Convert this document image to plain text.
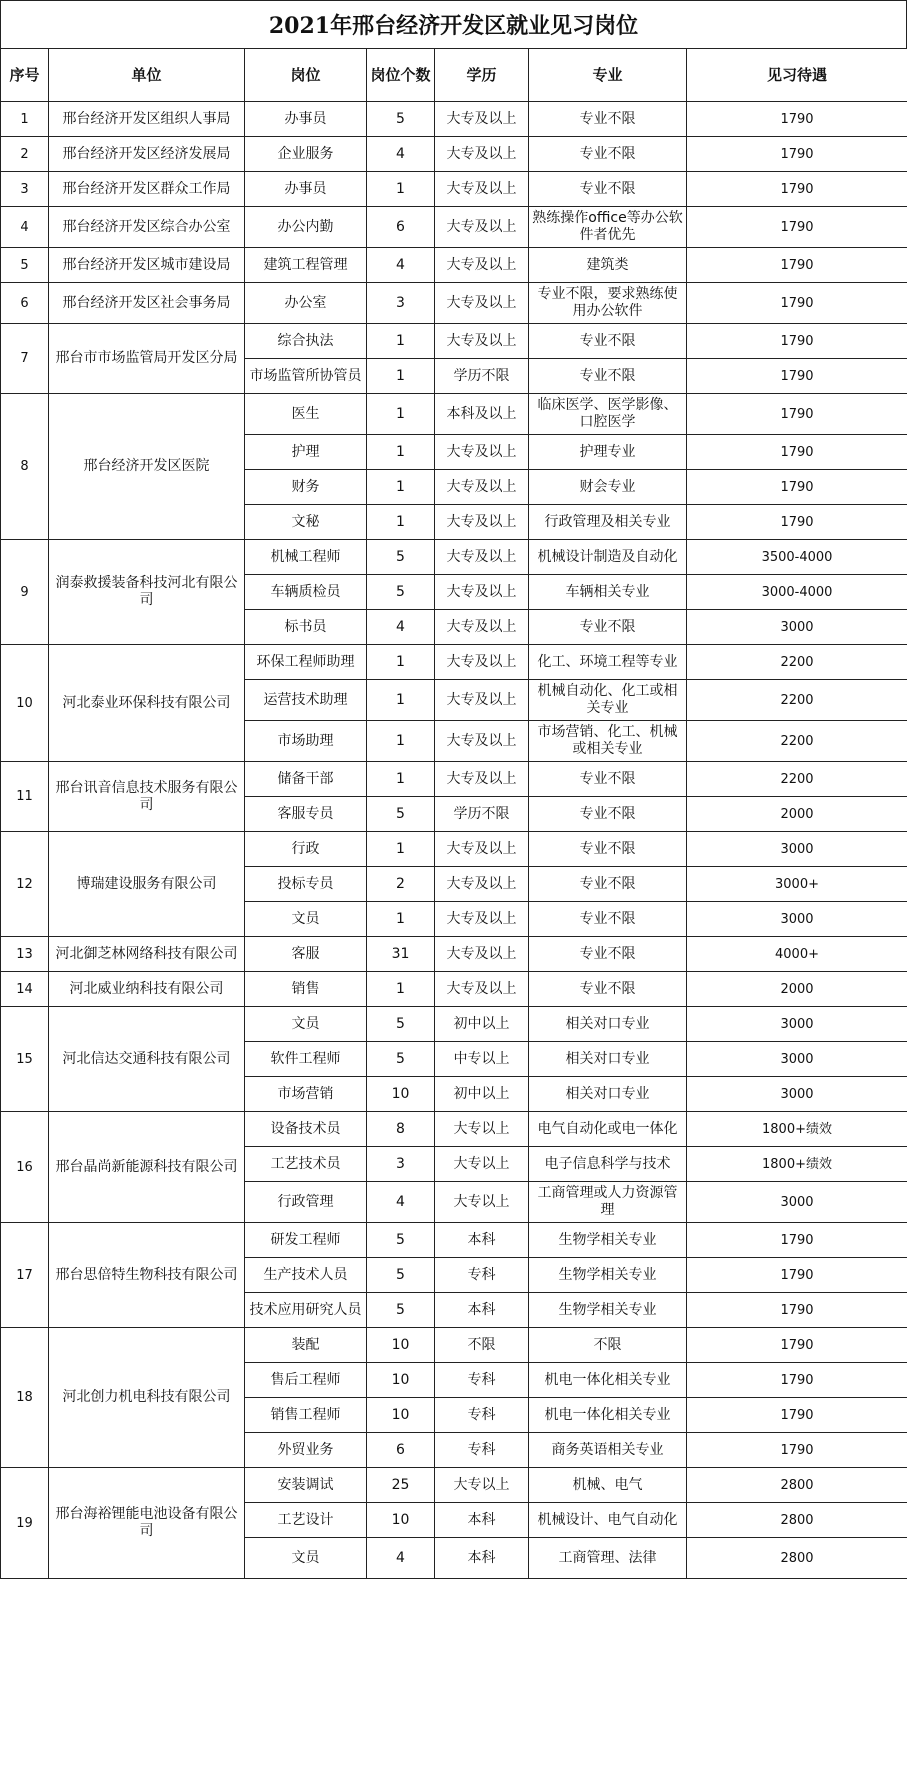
2021年邢台经济开发区就业见习岗位
序号	单位	岗位	岗位个数	学历	专业	见习待遇
1	邢台经济开发区组织人事局	办事员	5	大专及以上	专业不限	1790
2	邢台经济开发区经济发展局	企业服务	4	大专及以上	专业不限	1790
3	邢台经济开发区群众工作局	办事员	1	大专及以上	专业不限	1790
4	邢台经济开发区综合办公室	办公内勤	6	大专及以上	熟练操作office等办公软件者优先	1790
5	邢台经济开发区城市建设局	建筑工程管理	4	大专及以上	建筑类	1790
6	邢台经济开发区社会事务局	办公室	3	大专及以上	专业不限，要求熟练使用办公软件	1790
7	邢台市市场监管局开发区分局	综合执法	1	大专及以上	专业不限	1790
		市场监管所协管员	1	学历不限	专业不限	1790
8	邢台经济开发区医院	医生	1	本科及以上	临床医学、医学影像、口腔医学	1790
		护理	1	大专及以上	护理专业	1790
		财务	1	大专及以上	财会专业	1790
		文秘	1	大专及以上	行政管理及相关专业	1790
9	润泰救援装备科技河北有限公司	机械工程师	5	大专及以上	机械设计制造及自动化	3500-4000
		车辆质检员	5	大专及以上	车辆相关专业	3000-4000
		标书员	4	大专及以上	专业不限	3000
10	河北泰业环保科技有限公司	环保工程师助理	1	大专及以上	化工、环境工程等专业	2200
		运营技术助理	1	大专及以上	机械自动化、化工或相关专业	2200
		市场助理	1	大专及以上	市场营销、化工、机械或相关专业	2200
11	邢台讯音信息技术服务有限公司	储备干部	1	大专及以上	专业不限	2200
		客服专员	5	学历不限	专业不限	2000
12	博瑞建设服务有限公司	行政	1	大专及以上	专业不限	3000
		投标专员	2	大专及以上	专业不限	3000+
		文员	1	大专及以上	专业不限	3000
13	河北御芝林网络科技有限公司	客服	31	大专及以上	专业不限	4000+
14	河北威业纳科技有限公司	销售	1	大专及以上	专业不限	2000
15	河北信达交通科技有限公司	文员	5	初中以上	相关对口专业	3000
		软件工程师	5	中专以上	相关对口专业	3000
		市场营销	10	初中以上	相关对口专业	3000
16	邢台晶尚新能源科技有限公司	设备技术员	8	大专以上	电气自动化或电一体化	1800+绩效
		工艺技术员	3	大专以上	电子信息科学与技术	1800+绩效
		行政管理	4	大专以上	工商管理或人力资源管理	3000
17	邢台思倍特生物科技有限公司	研发工程师	5	本科	生物学相关专业	1790
		生产技术人员	5	专科	生物学相关专业	1790
		技术应用研究人员	5	本科	生物学相关专业	1790
18	河北创力机电科技有限公司	装配	10	不限	不限	1790
		售后工程师	10	专科	机电一体化相关专业	1790
		销售工程师	10	专科	机电一体化相关专业	1790
		外贸业务	6	专科	商务英语相关专业	1790
19	邢台海裕锂能电池设备有限公司	安装调试	25	大专以上	机械、电气	2800
		工艺设计	10	本科	机械设计、电气自动化	2800
		文员	4	本科	工商管理、法律	2800
